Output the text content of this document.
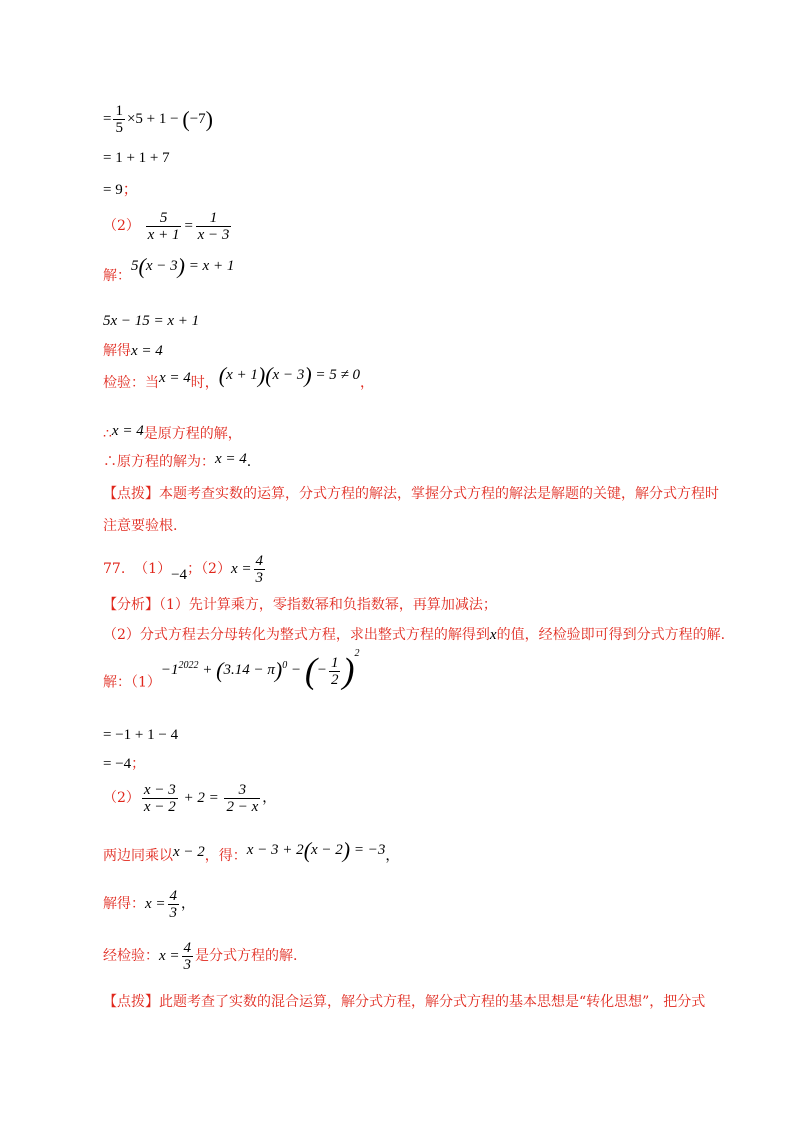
= $\frac{1}{5} \times 5 + 1 - (-7)$
= 1 + 1 + 7
= 9；
$(2) \frac{5}{x + 1} = \frac{1}{x - 3}$
解：5(x − 3) = x + 1
5x − 15 = x + 1
解得x = 4
检验：当x = 4时，(x + 1)(x − 3) = 5 ≠ 0，
∴x = 4是原方程的解，
∴原方程的解为：x = 4.
【点拨】本题考查实数的运算，分式方程的解法，掌握分式方程的解法是解题的关键，解分式方程时
注意要验根.
77. （1）−4；$(2)x = \frac{4}{3}$
【分析】（1）先计算乘方，零指数幂和负指数幂，再算加减法；
（2）分式方程去分母转化为整式方程，求出整式方程的解得到x的值，经检验即可得到分式方程的解.
解：$(1)-1^{2022} + (3.14 - \pi)^0$ − (− $\frac{1}{2} )^2$
= −1 + 1 − 4
= −4；
$(2) \frac{x - 3}{x - 2} + 2 = \frac{3}{2 - x}$ ，
两边同乘以x − 2，得：x − 3 + 2(x − 2) = −3，
解得：$x = \frac{4}{3}$ ，
经检验：$x = \frac{4}{3}$ 是分式方程的解.
【点拨】此题考查了实数的混合运算，解分式方程，解分式方程的基本思想是“转化思想”，把分式
